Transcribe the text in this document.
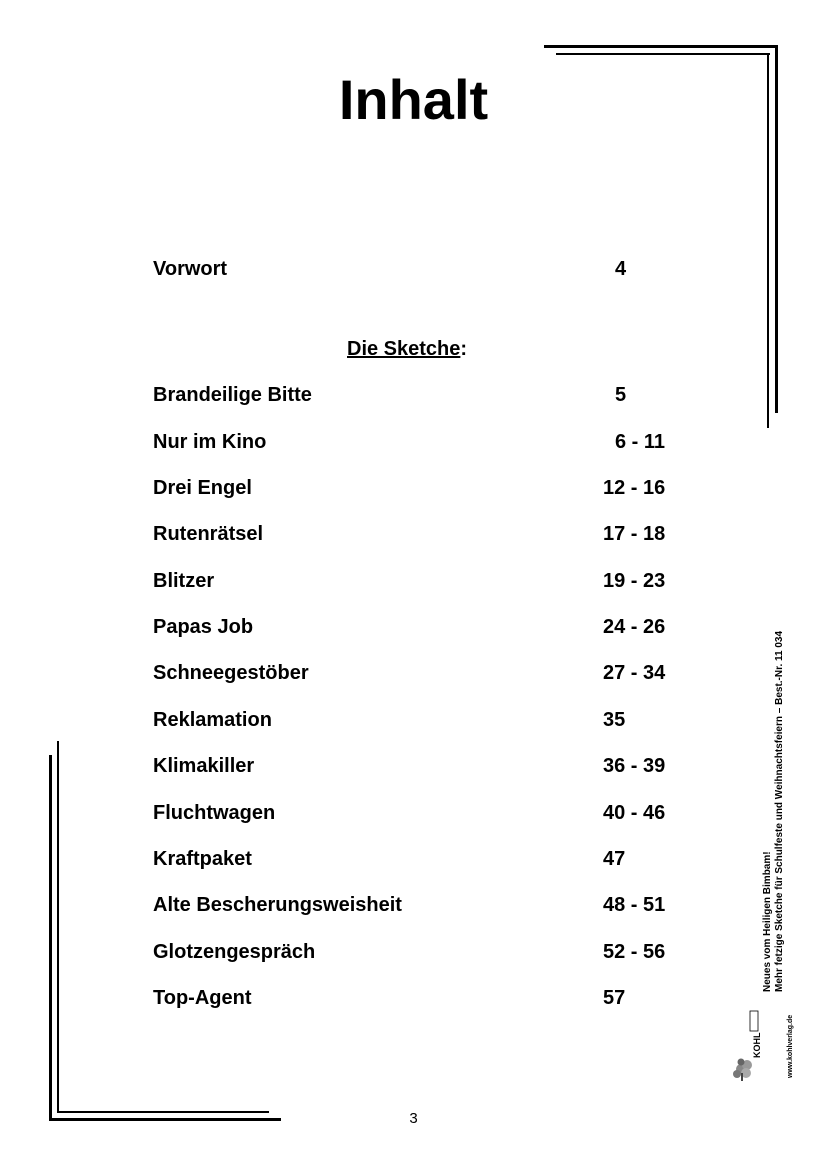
Inhalt
Vorwort	4
Die Sketche:
Brandeilige Bitte	5
Nur im Kino	6 - 11
Drei Engel	12 - 16
Rutenrätsel	17 - 18
Blitzer	19 - 23
Papas Job	24 - 26
Schneegestöber	27 - 34
Reklamation	35
Klimakiller	36 - 39
Fluchtwagen	40 - 46
Kraftpaket	47
Alte Bescherungsweisheit	48 - 51
Glotzengespräch	52 - 56
Top-Agent	57
Neues vom Heiligen Bimbam! Mehr fetzige Sketche für Schulfeste und Weihnachtsfeiern – Best.-Nr. 11 034
KOHL	www.kohlverlag.de
3
